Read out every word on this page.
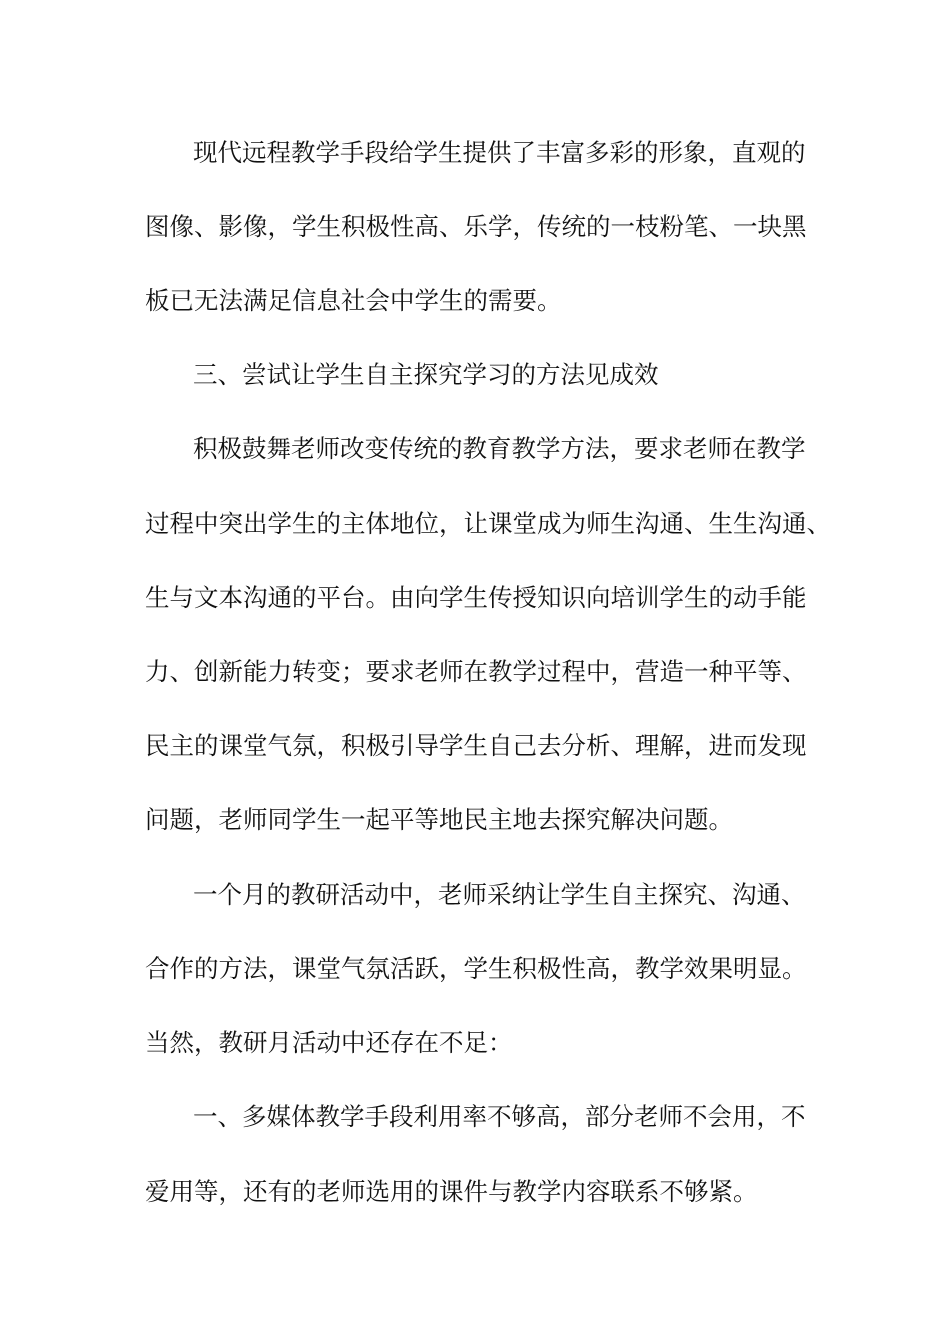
现代远程教学手段给学生提供了丰富多彩的形象，直观的
图像、影像，学生积极性高、乐学，传统的一枝粉笔、一块黑
板已无法满足信息社会中学生的需要。
三、尝试让学生自主探究学习的方法见成效
积极鼓舞老师改变传统的教育教学方法，要求老师在教学
过程中突出学生的主体地位，让课堂成为师生沟通、生生沟通、
生与文本沟通的平台。由向学生传授知识向培训学生的动手能
力、创新能力转变；要求老师在教学过程中，营造一种平等、
民主的课堂气氛，积极引导学生自己去分析、理解，进而发现
问题，老师同学生一起平等地民主地去探究解决问题。
一个月的教研活动中，老师采纳让学生自主探究、沟通、
合作的方法，课堂气氛活跃，学生积极性高，教学效果明显。
当然，教研月活动中还存在不足：
一、多媒体教学手段利用率不够高，部分老师不会用，不
爱用等，还有的老师选用的课件与教学内容联系不够紧。
